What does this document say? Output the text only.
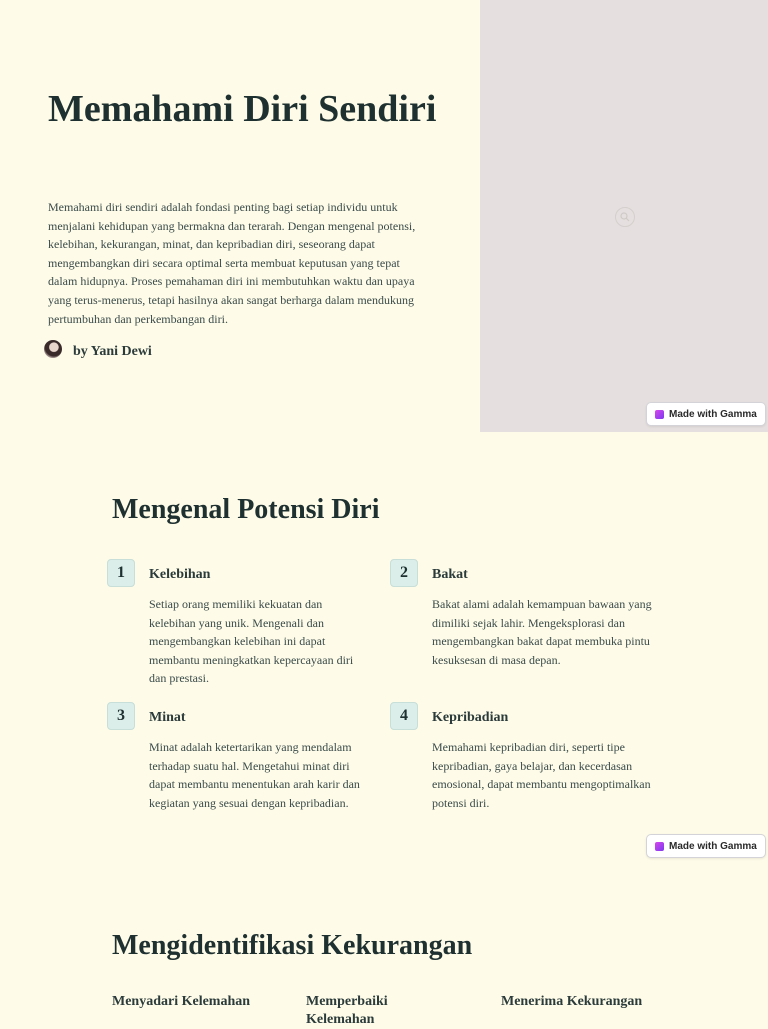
Memahami Diri Sendiri

Memahami diri sendiri adalah fondasi penting bagi setiap individu untuk menjalani kehidupan yang bermakna dan terarah. Dengan mengenal potensi, kelebihan, kekurangan, minat, dan kepribadian diri, seseorang dapat mengembangkan diri secara optimal serta membuat keputusan yang tepat dalam hidupnya. Proses pemahaman diri ini membutuhkan waktu dan upaya yang terus-menerus, tetapi hasilnya akan sangat berharga dalam mendukung pertumbuhan dan perkembangan diri.

by Yani Dewi
Made with Gamma
Mengenal Potensi Diri
1	Kelebihan

Setiap orang memiliki kekuatan dan kelebihan yang unik. Mengenali dan mengembangkan kelebihan ini dapat membantu meningkatkan kepercayaan diri dan prestasi.

2	Bakat

Bakat alami adalah kemampuan bawaan yang dimiliki sejak lahir. Mengeksplorasi dan mengembangkan bakat dapat membuka pintu kesuksesan di masa depan.

3	Minat

Minat adalah ketertarikan yang mendalam terhadap suatu hal. Mengetahui minat diri dapat membantu menentukan arah karir dan kegiatan yang sesuai dengan kepribadian.

4	Kepribadian

Memahami kepribadian diri, seperti tipe kepribadian, gaya belajar, dan kecerdasan emosional, dapat membantu mengoptimalkan potensi diri.

Made with Gamma
Mengidentifikasi Kekurangan
Menyadari Kelemahan	Memperbaiki Kelemahan
Menerima Kekurangan
